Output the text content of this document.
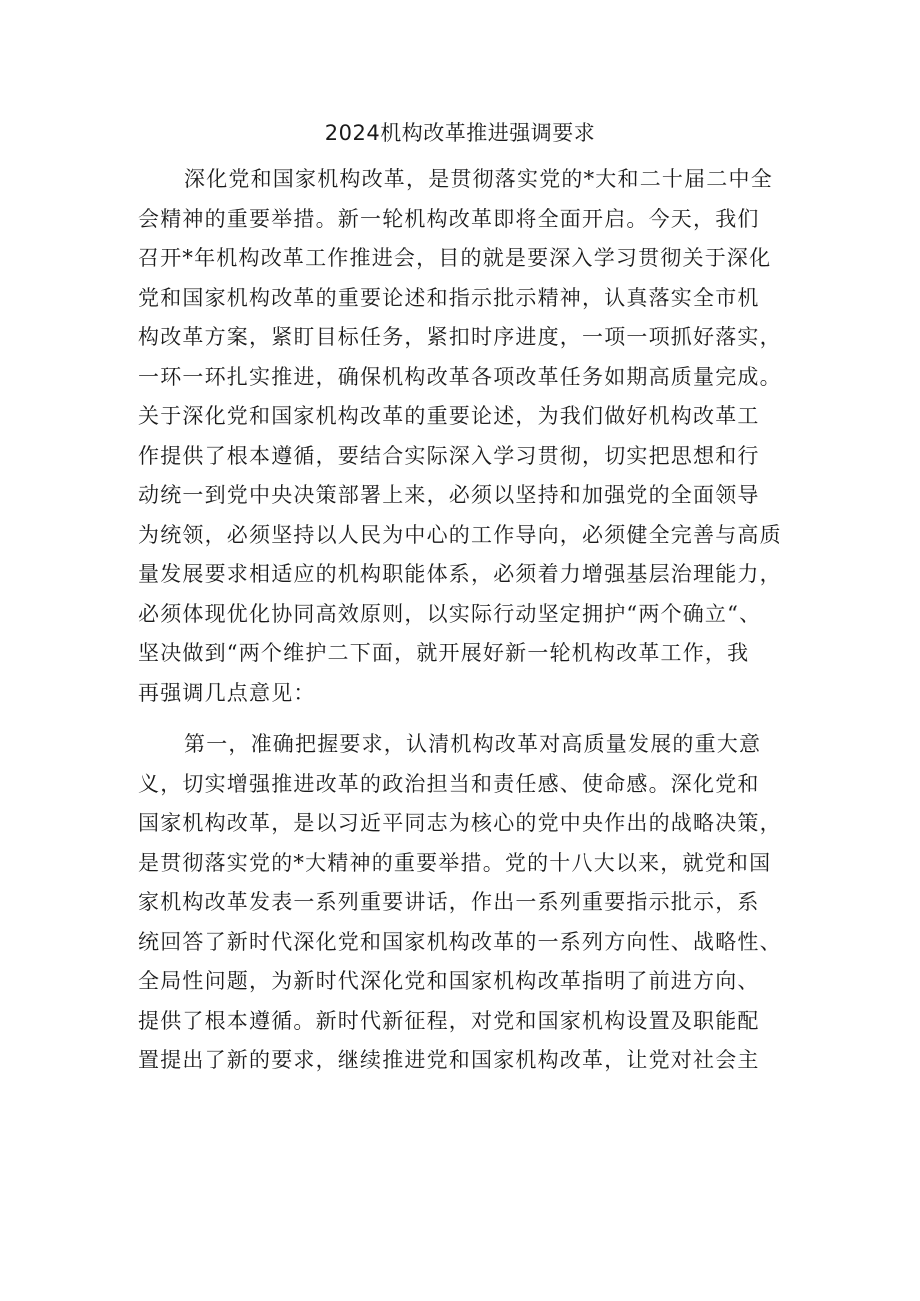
2024机构改革推进强调要求
深化党和国家机构改革，是贯彻落实党的*大和二十届二中全
会精神的重要举措。新一轮机构改革即将全面开启。今天，我们
召开*年机构改革工作推进会，目的就是要深入学习贯彻关于深化
党和国家机构改革的重要论述和指示批示精神，认真落实全市机
构改革方案，紧盯目标任务，紧扣时序进度，一项一项抓好落实，
一环一环扎实推进，确保机构改革各项改革任务如期高质量完成。
关于深化党和国家机构改革的重要论述，为我们做好机构改革工
作提供了根本遵循，要结合实际深入学习贯彻，切实把思想和行
动统一到党中央决策部署上来，必须以坚持和加强党的全面领导
为统领，必须坚持以人民为中心的工作导向，必须健全完善与高质
量发展要求相适应的机构职能体系，必须着力增强基层治理能力，
必须体现优化协同高效原则，以实际行动坚定拥护“两个确立“、
坚决做到“两个维护二下面，就开展好新一轮机构改革工作，我
再强调几点意见：
第一，准确把握要求，认清机构改革对高质量发展的重大意
义，切实增强推进改革的政治担当和责任感、使命感。深化党和
国家机构改革，是以习近平同志为核心的党中央作出的战略决策，
是贯彻落实党的*大精神的重要举措。党的十八大以来，就党和国
家机构改革发表一系列重要讲话，作出一系列重要指示批示，系
统回答了新时代深化党和国家机构改革的一系列方向性、战略性、
全局性问题，为新时代深化党和国家机构改革指明了前进方向、
提供了根本遵循。新时代新征程，对党和国家机构设置及职能配
置提出了新的要求，继续推进党和国家机构改革，让党对社会主
